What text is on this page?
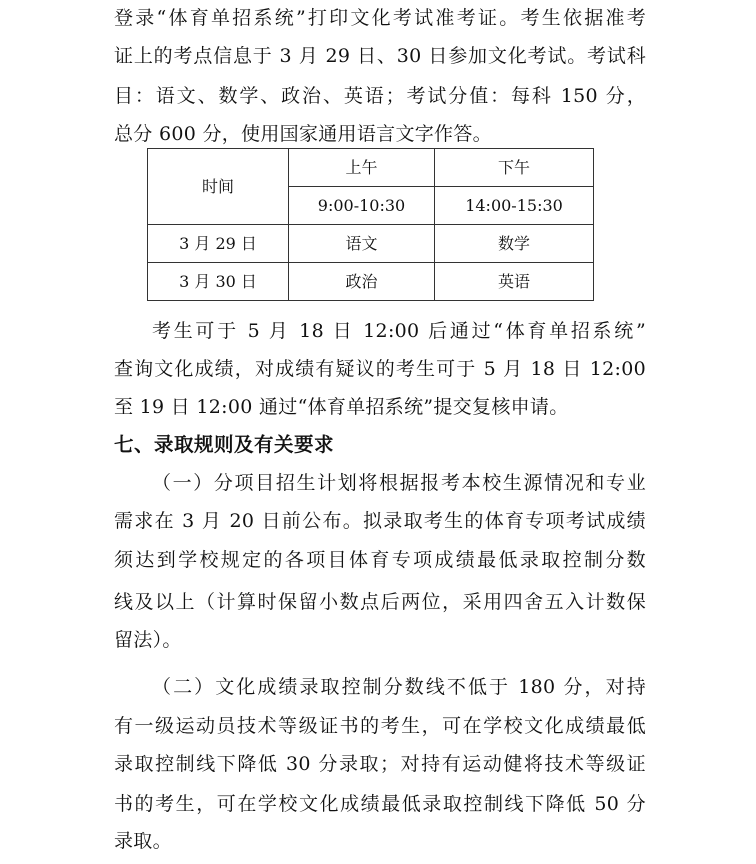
登录“体育单招系统”打印文化考试准考证。考生依据准考
证上的考点信息于 3 月 29 日、30 日参加文化考试。考试科
目：语文、数学、政治、英语；考试分值：每科 150 分，
总分 600 分，使用国家通用语言文字作答。
时间	上午	下午
	9:00-10:30	14:00-15:30
3 月 29 日	语文	数学
3 月 30 日	政治	英语
考生可于 5 月 18 日 12:00 后通过“体育单招系统”
查询文化成绩，对成绩有疑议的考生可于 5 月 18 日 12:00
至 19 日 12:00 通过“体育单招系统”提交复核申请。
七、录取规则及有关要求
（一）分项目招生计划将根据报考本校生源情况和专业
需求在 3 月 20 日前公布。拟录取考生的体育专项考试成绩
须达到学校规定的各项目体育专项成绩最低录取控制分数
线及以上（计算时保留小数点后两位，采用四舍五入计数保
留法）。
（二）文化成绩录取控制分数线不低于 180 分，对持
有一级运动员技术等级证书的考生，可在学校文化成绩最低
录取控制线下降低 30 分录取；对持有运动健将技术等级证
书的考生，可在学校文化成绩最低录取控制线下降低 50 分
录取。
